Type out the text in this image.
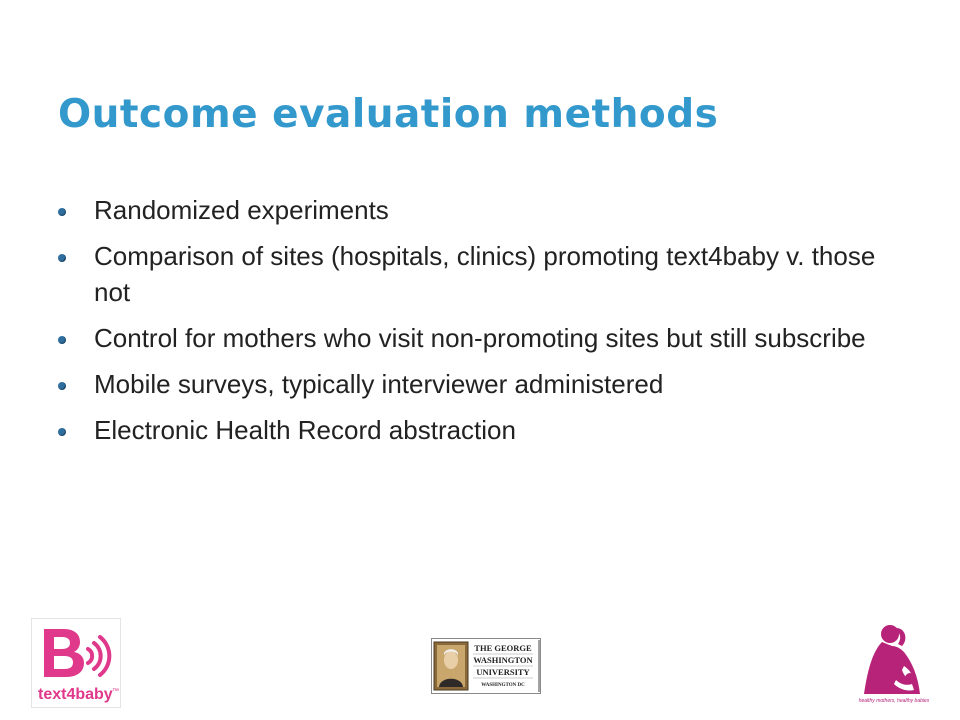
Outcome evaluation methods
Randomized experiments
Comparison of sites (hospitals, clinics) promoting text4baby v. those not
Control for mothers who visit non-promoting sites but still subscribe
Mobile surveys, typically interviewer administered
Electronic Health Record abstraction
text4baby ™
THE GEORGE
WASHINGTON
UNIVERSITY
WASHINGTON DC
healthy mothers, healthy babies
